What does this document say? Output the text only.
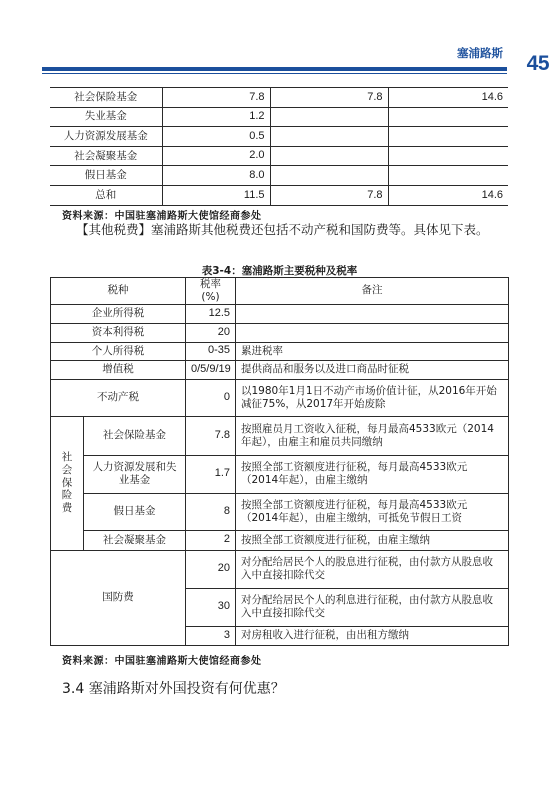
塞浦路斯 45
社会保险基金	7.8	7.8	14.6
失业基金	1.2		
人力资源发展基金	0.5		
社会凝聚基金	2.0		
假日基金	8.0		
总和	11.5	7.8	14.6
资料来源：中国驻塞浦路斯大使馆经商参处

【其他税费】塞浦路斯其他税费还包括不动产税和国防费等。具体见下表。

表3-4：塞浦路斯主要税种及税率
税种		税率(%)	备注
企业所得税		12.5	
资本利得税		20	
个人所得税		0-35	累进税率
增值税		0/5/9/19	提供商品和服务以及进口商品时征税
不动产税		0	以1980年1月1日不动产市场价值计征，从2016年开始减征75%，从2017年开始废除
社会保险费	社会保险基金	7.8	按照雇员月工资收入征税，每月最高4533欧元（2014年起），由雇主和雇员共同缴纳
	人力资源发展和失业基金	1.7	按照全部工资额度进行征税，每月最高4533欧元（2014年起），由雇主缴纳
	假日基金	8	按照全部工资额度进行征税，每月最高4533欧元（2014年起），由雇主缴纳，可抵免节假日工资
	社会凝聚基金	2	按照全部工资额度进行征税，由雇主缴纳
国防费		20	对分配给居民个人的股息进行征税，由付款方从股息收入中直接扣除代交
		30	对分配给居民个人的利息进行征税，由付款方从股息收入中直接扣除代交
		3	对房租收入进行征税，由出租方缴纳
资料来源：中国驻塞浦路斯大使馆经商参处
3.4 塞浦路斯对外国投资有何优惠？
